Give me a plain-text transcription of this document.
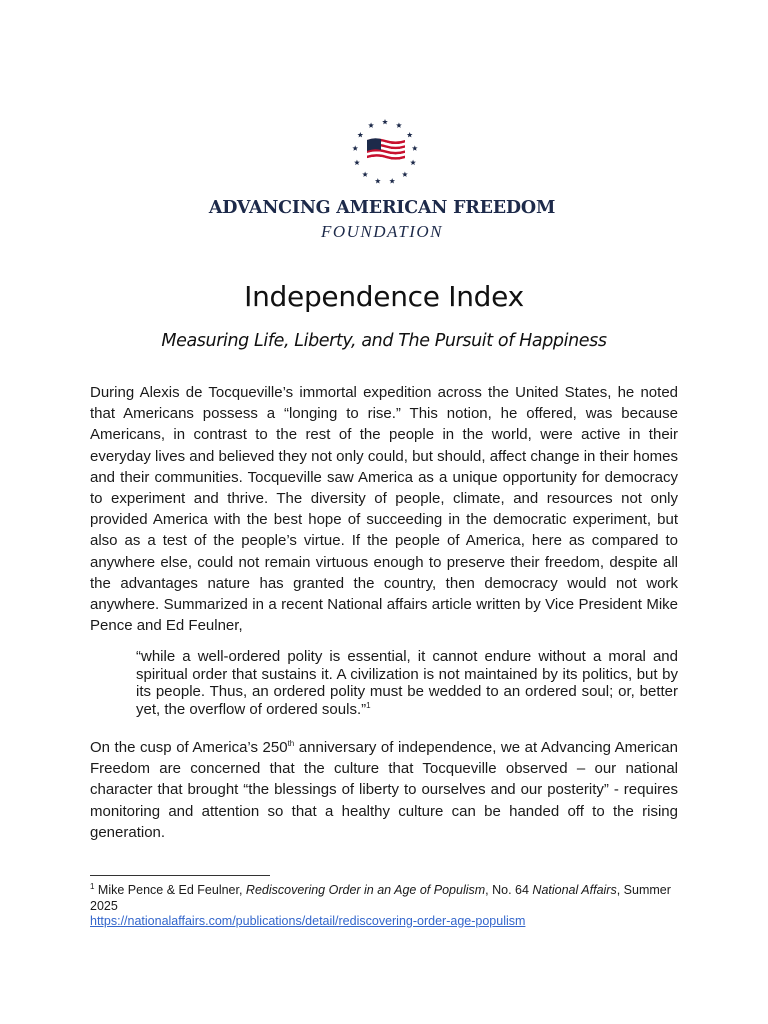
ADVANCING AMERICAN FREEDOM
FOUNDATION
Independence Index
Measuring Life, Liberty, and The Pursuit of Happiness
During Alexis de Tocqueville’s immortal expedition across the United States, he noted that Americans possess a “longing to rise.” This notion, he offered, was because Americans, in contrast to the rest of the people in the world, were active in their everyday lives and believed they not only could, but should, affect change in their homes and their communities. Tocqueville saw America as a unique opportunity for democracy to experiment and thrive. The diversity of people, climate, and resources not only provided America with the best hope of succeeding in the democratic experiment, but also as a test of the people’s virtue. If the people of America, here as compared to anywhere else, could not remain virtuous enough to preserve their freedom, despite all the advantages nature has granted the country, then democracy would not work anywhere. Summarized in a recent National affairs article written by Vice President Mike Pence and Ed Feulner,
“while a well-ordered polity is essential, it cannot endure without a moral and spiritual order that sustains it. A civilization is not maintained by its politics, but by its people. Thus, an ordered polity must be wedded to an ordered soul; or, better yet, the overflow of ordered souls.”$^1$
On the cusp of America’s 250th anniversary of independence, we at Advancing American Freedom are concerned that the culture that Tocqueville observed – our national character that brought “the blessings of liberty to ourselves and our posterity” - requires monitoring and attention so that a healthy culture can be handed off to the rising generation.
$^1$ Mike Pence & Ed Feulner, Rediscovering Order in an Age of Populism, No. 64 National Affairs, Summer 2025
https://nationalaffairs.com/publications/detail/rediscovering-order-age-populism
